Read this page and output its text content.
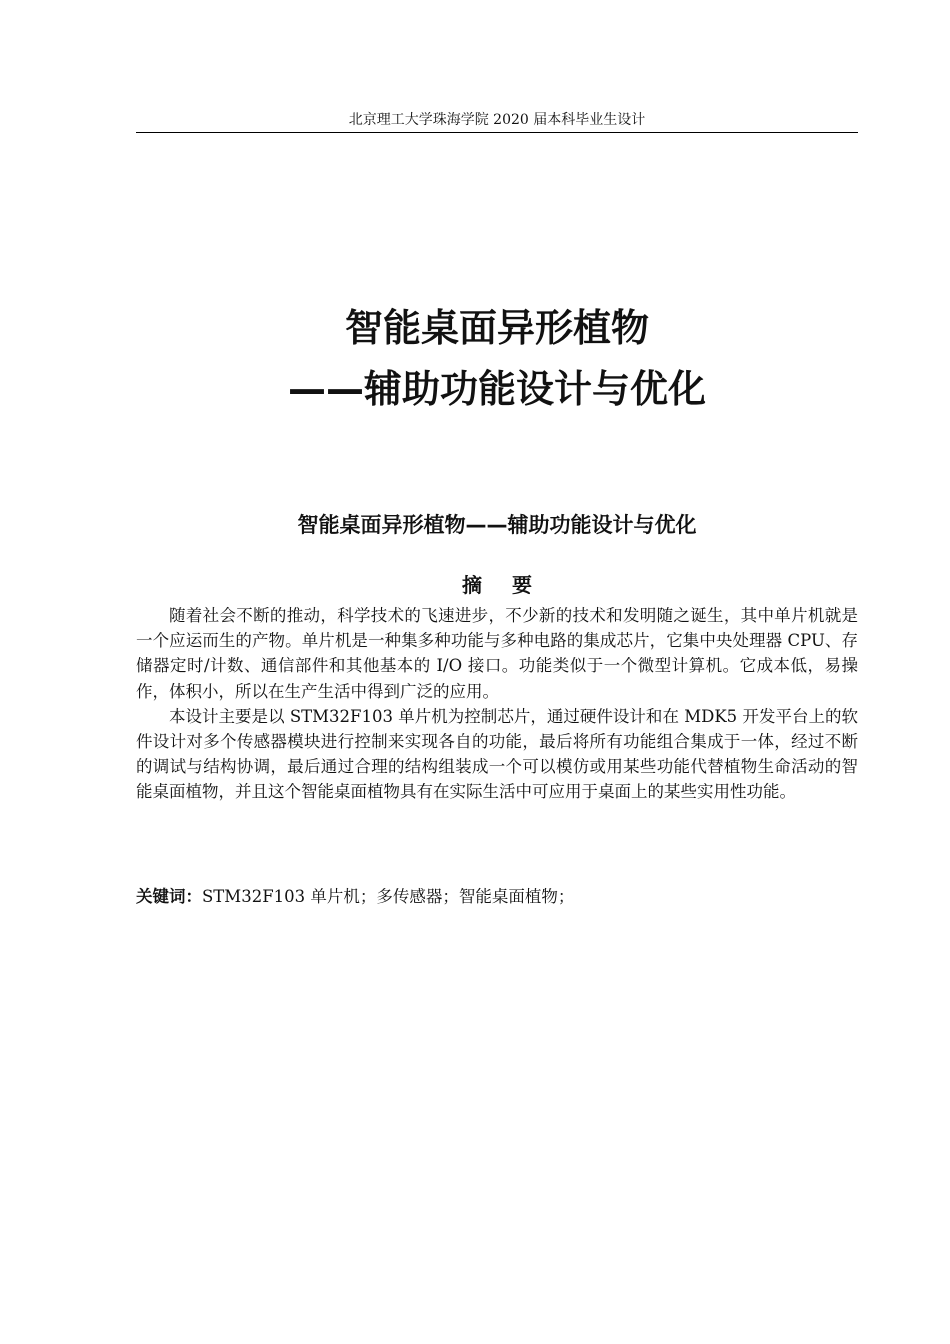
北京理工大学珠海学院 2020 届本科毕业生设计
智能桌面异形植物
——辅助功能设计与优化
智能桌面异形植物——辅助功能设计与优化
摘要

随着社会不断的推动，科学技术的飞速进步，不少新的技术和发明随之诞生，其中单片机就是一个应运而生的产物。单片机是一种集多种功能与多种电路的集成芯片，它集中央处理器 CPU、存储器定时/计数、通信部件和其他基本的 I/O 接口。功能类似于一个微型计算机。它成本低，易操作，体积小，所以在生产生活中得到广泛的应用。

本设计主要是以 STM32F103 单片机为控制芯片，通过硬件设计和在 MDK5 开发平台上的软件设计对多个传感器模块进行控制来实现各自的功能，最后将所有功能组合集成于一体，经过不断的调试与结构协调，最后通过合理的结构组装成一个可以模仿或用某些功能代替植物生命活动的智能桌面植物，并且这个智能桌面植物具有在实际生活中可应用于桌面上的某些实用性功能。

关键词：STM32F103 单片机；多传感器；智能桌面植物；
